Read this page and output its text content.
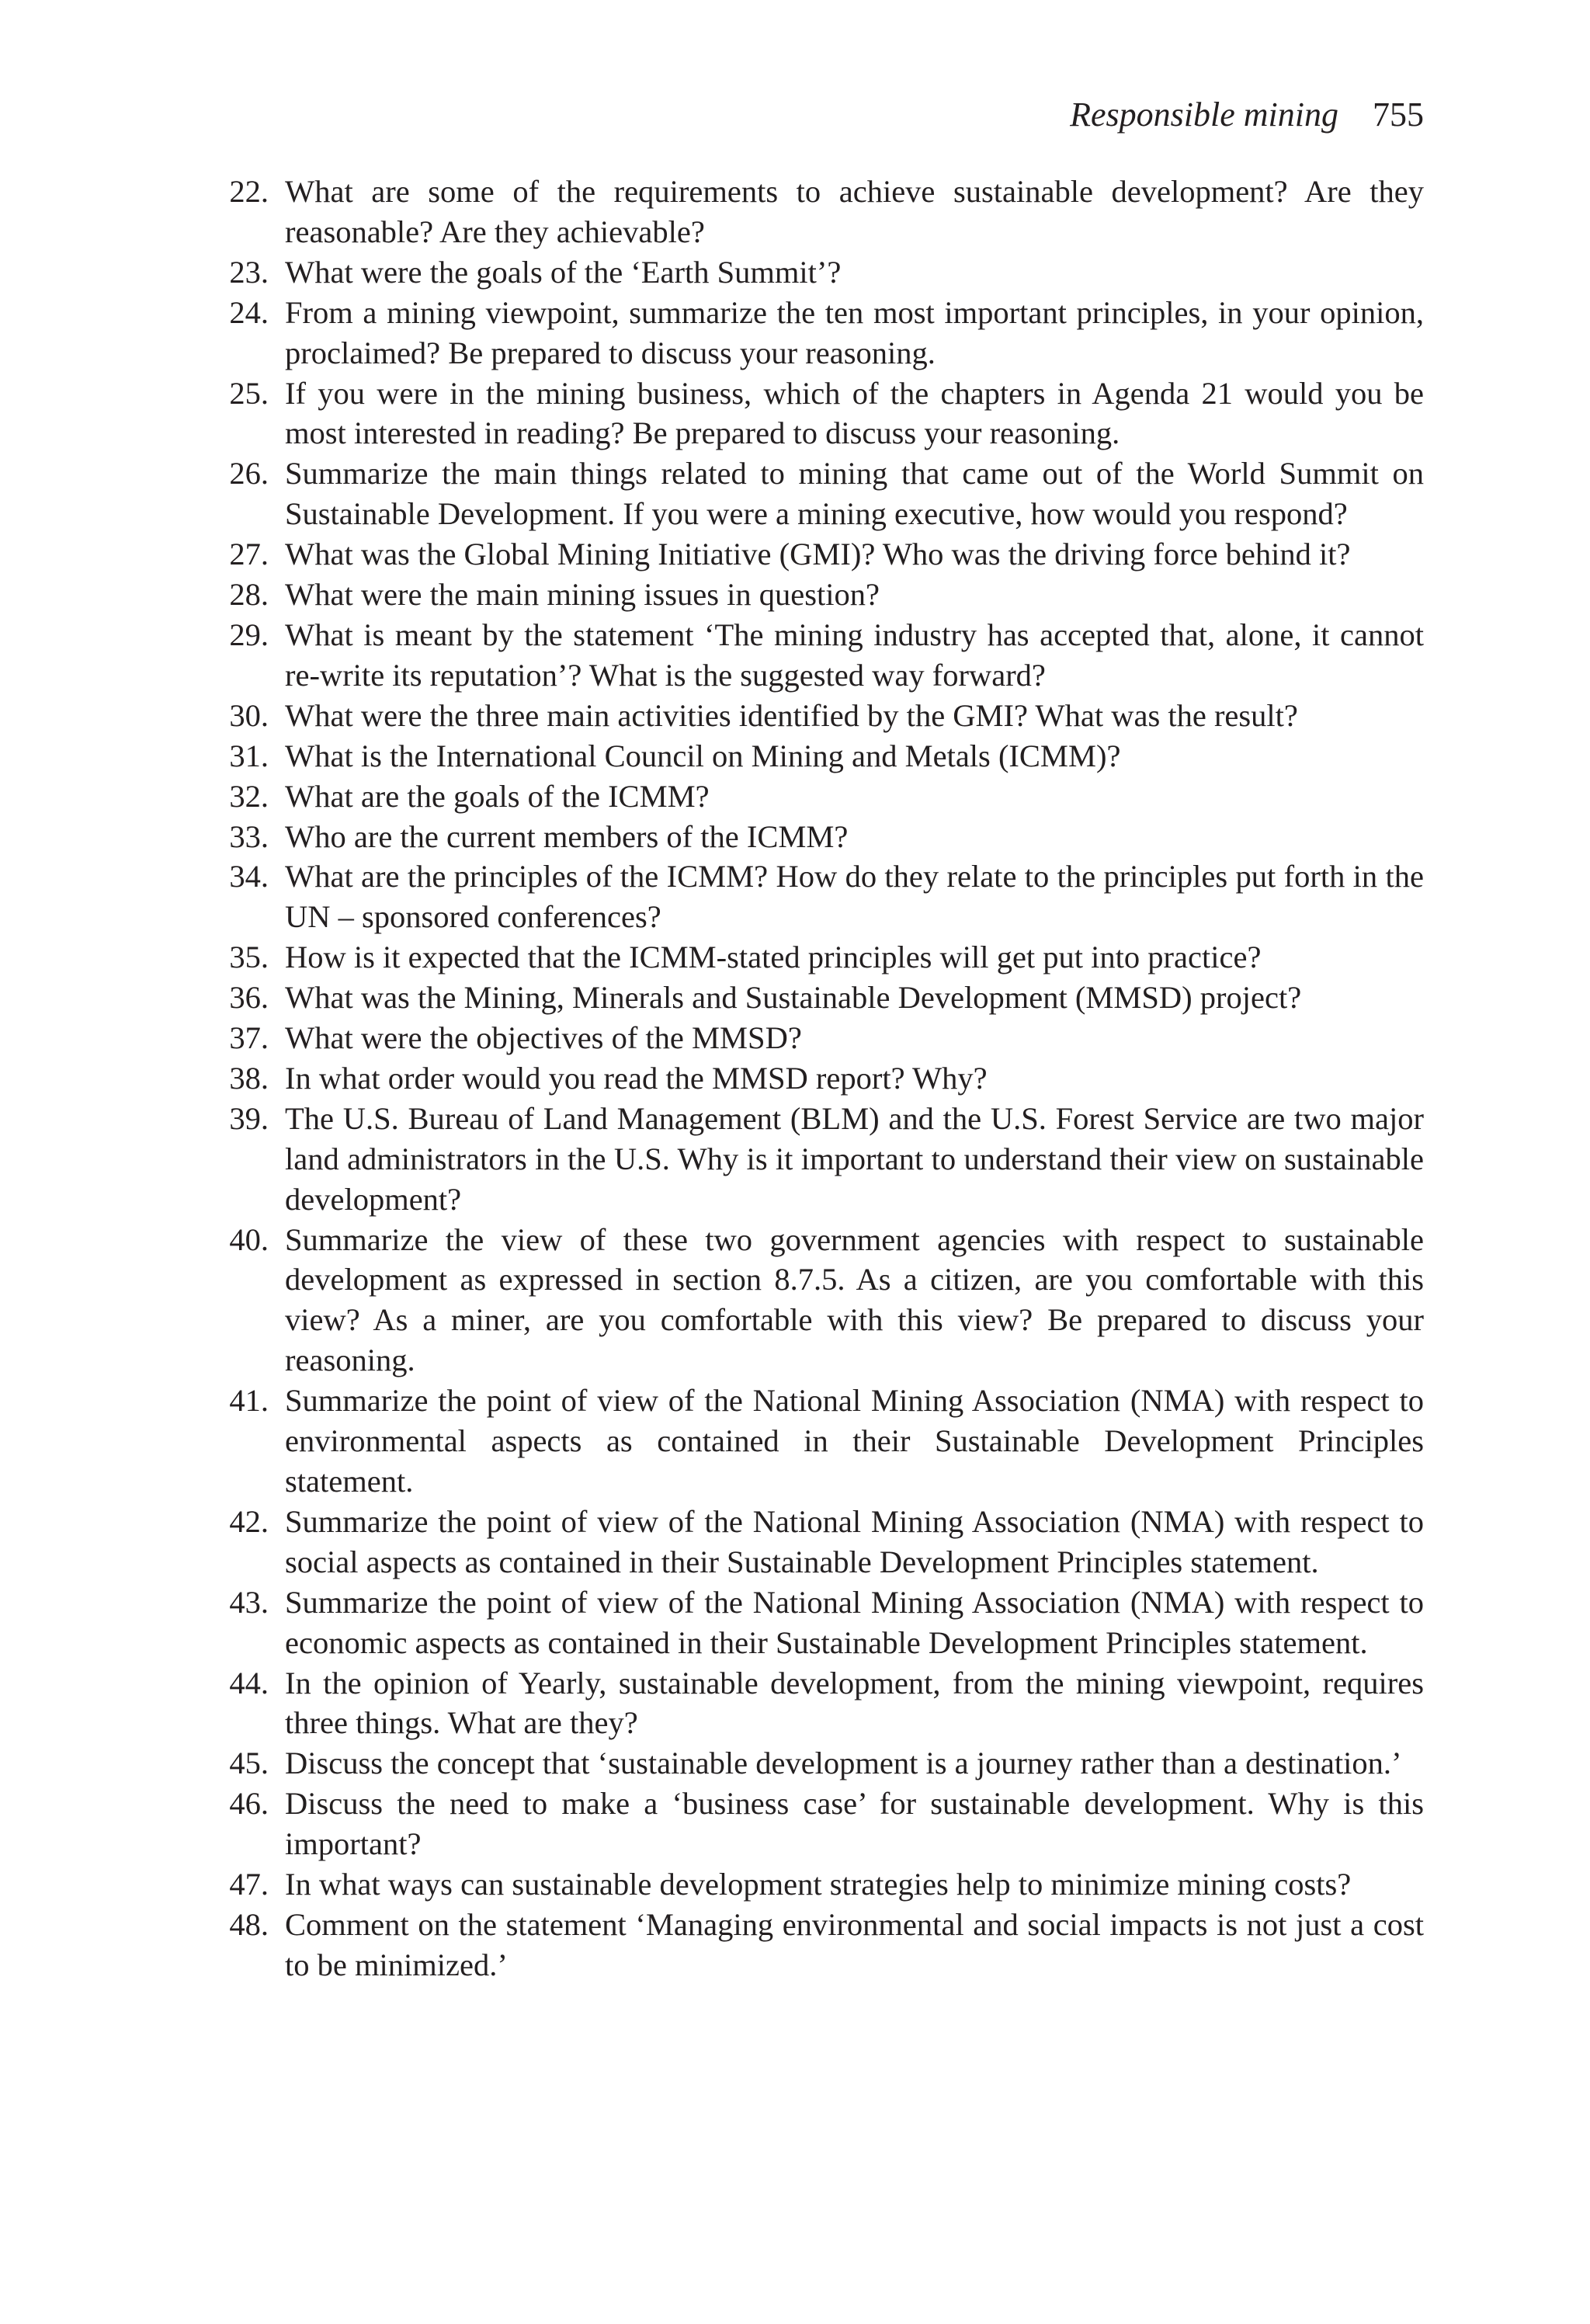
Responsible mining 755
22. What are some of the requirements to achieve sustainable development? Are they reasonable? Are they achievable?
23. What were the goals of the ‘Earth Summit’?
24. From a mining viewpoint, summarize the ten most important principles, in your opinion, proclaimed? Be prepared to discuss your reasoning.
25. If you were in the mining business, which of the chapters in Agenda 21 would you be most interested in reading? Be prepared to discuss your reasoning.
26. Summarize the main things related to mining that came out of the World Summit on Sustainable Development. If you were a mining executive, how would you respond?
27. What was the Global Mining Initiative (GMI)? Who was the driving force behind it?
28. What were the main mining issues in question?
29. What is meant by the statement ‘The mining industry has accepted that, alone, it cannot re-write its reputation’? What is the suggested way forward?
30. What were the three main activities identified by the GMI? What was the result?
31. What is the International Council on Mining and Metals (ICMM)?
32. What are the goals of the ICMM?
33. Who are the current members of the ICMM?
34. What are the principles of the ICMM? How do they relate to the principles put forth in the UN – sponsored conferences?
35. How is it expected that the ICMM-stated principles will get put into practice?
36. What was the Mining, Minerals and Sustainable Development (MMSD) project?
37. What were the objectives of the MMSD?
38. In what order would you read the MMSD report? Why?
39. The U.S. Bureau of Land Management (BLM) and the U.S. Forest Service are two major land administrators in the U.S. Why is it important to understand their view on sustainable development?
40. Summarize the view of these two government agencies with respect to sustainable development as expressed in section 8.7.5. As a citizen, are you comfortable with this view? As a miner, are you comfortable with this view? Be prepared to discuss your reasoning.
41. Summarize the point of view of the National Mining Association (NMA) with respect to environmental aspects as contained in their Sustainable Development Principles statement.
42. Summarize the point of view of the National Mining Association (NMA) with respect to social aspects as contained in their Sustainable Development Principles statement.
43. Summarize the point of view of the National Mining Association (NMA) with respect to economic aspects as contained in their Sustainable Development Principles statement.
44. In the opinion of Yearly, sustainable development, from the mining viewpoint, requires three things. What are they?
45. Discuss the concept that ‘sustainable development is a journey rather than a destination.’
46. Discuss the need to make a ‘business case’ for sustainable development. Why is this important?
47. In what ways can sustainable development strategies help to minimize mining costs?
48. Comment on the statement ‘Managing environmental and social impacts is not just a cost to be minimized.’
